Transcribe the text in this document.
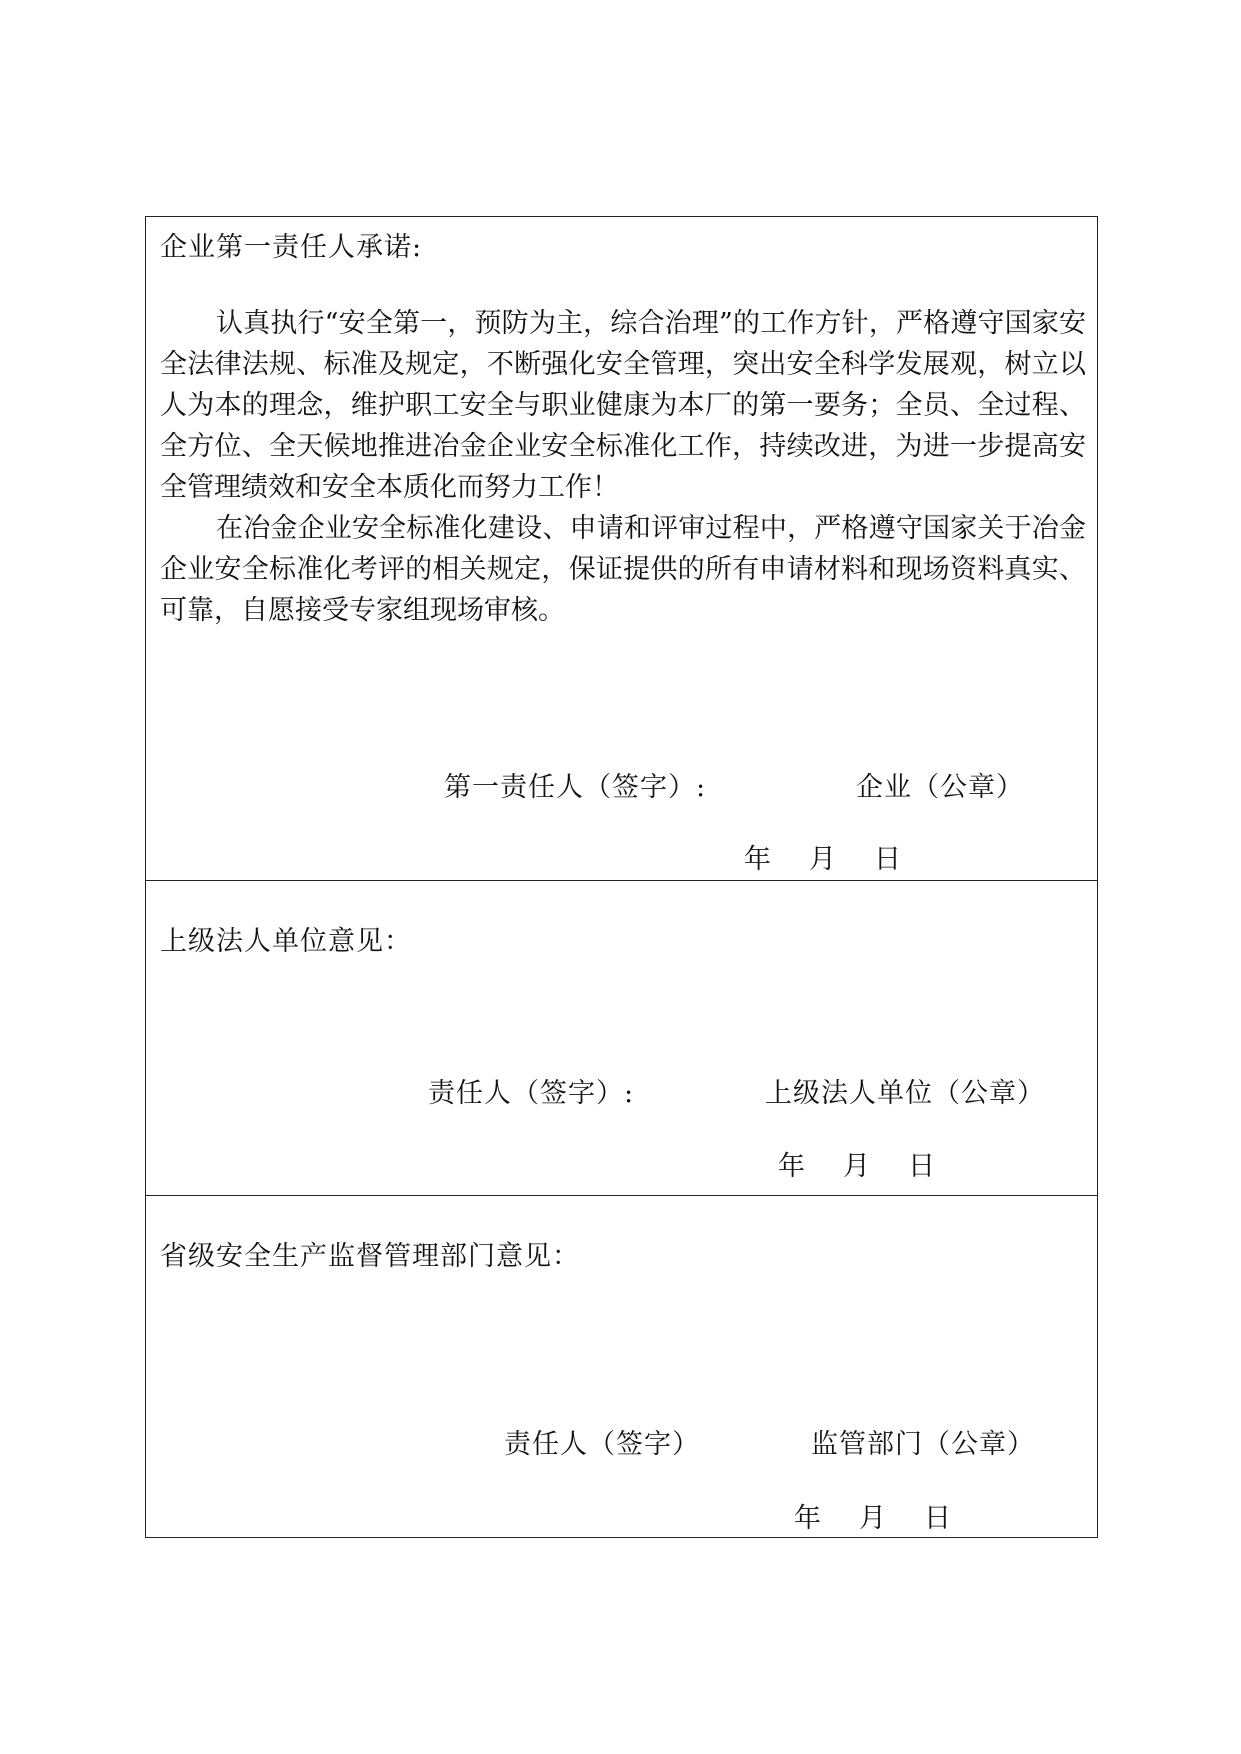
企业第一责任人承诺:

认真执行“安全第一，预防为主，综合治理”的工作方针，严格遵守国家安全法律法规、标准及规定，不断强化安全管理，突出安全科学发展观，树立以人为本的理念，维护职工安全与职业健康为本厂的第一要务；全员、全过程、全方位、全天候地推进冶金企业安全标准化工作，持续改进，为进一步提高安全管理绩效和安全本质化而努力工作！

在冶金企业安全标准化建设、申请和评审过程中，严格遵守国家关于冶金企业安全标准化考评的相关规定，保证提供的所有申请材料和现场资料真实、可靠，自愿接受专家组现场审核。

第一责任人（签字）:	企业（公章）
年 月 日
上级法人单位意见：
责任人（签字）:	上级法人单位（公章）
年 月 日
省级安全生产监督管理部门意见：
责任人（签字）	监管部门（公章）
年 月 日
